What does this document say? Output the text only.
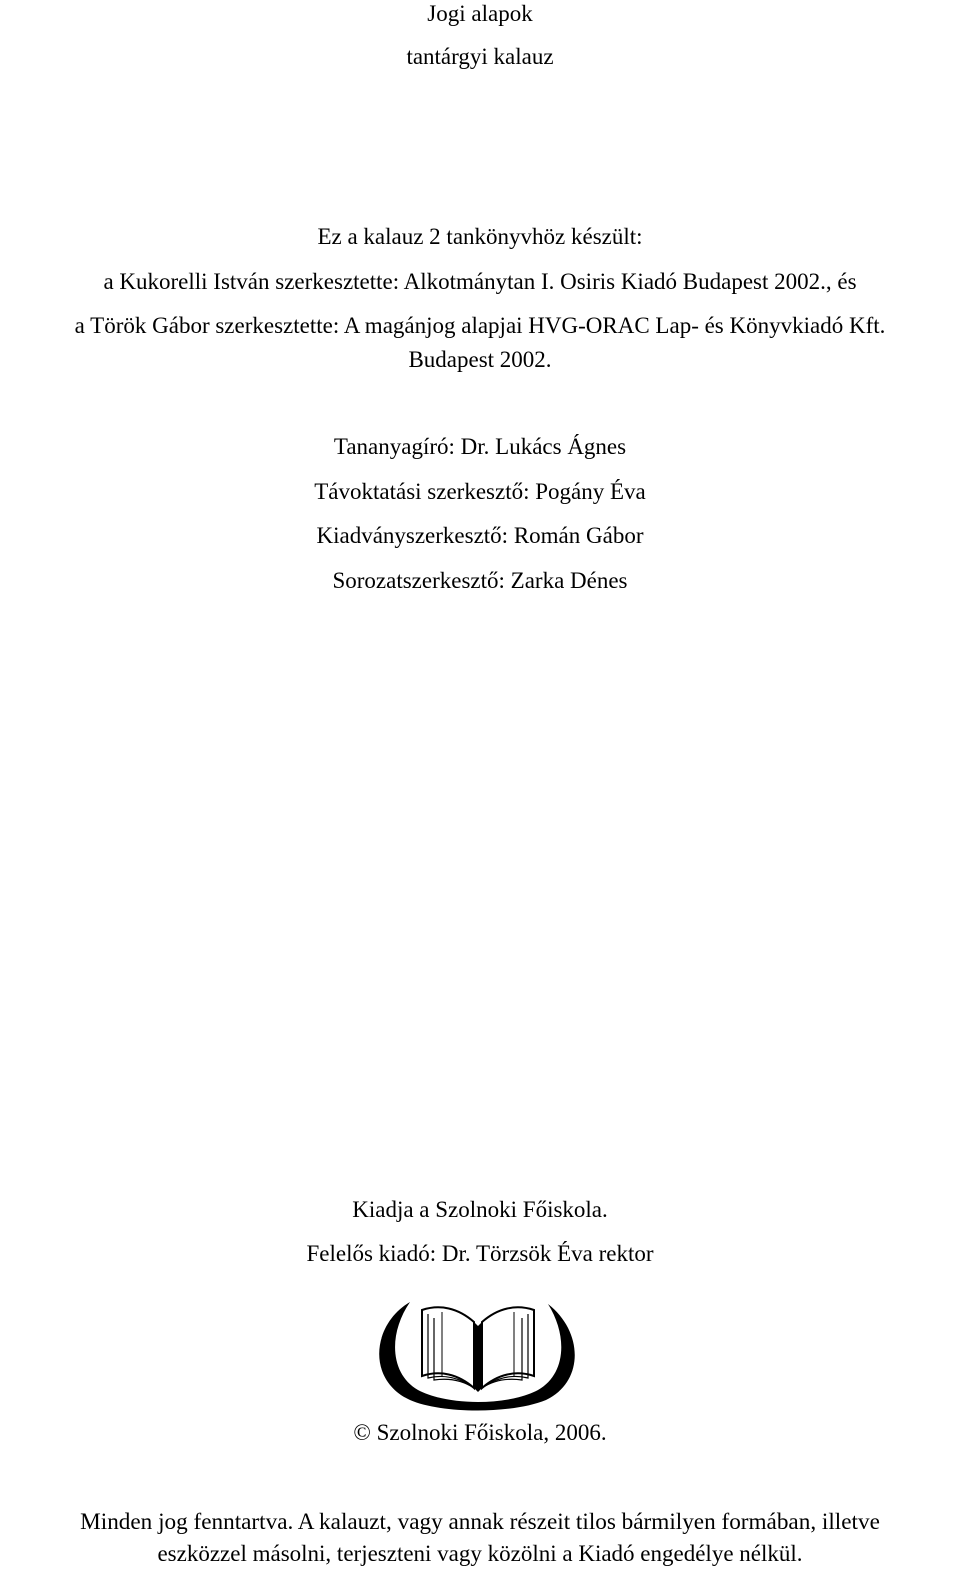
Jogi alapok
tantárgyi kalauz
Ez a kalauz 2 tankönyvhöz készült:
a Kukorelli István szerkesztette: Alkotmánytan I. Osiris Kiadó Budapest 2002., és
a Török Gábor szerkesztette: A magánjog alapjai HVG-ORAC Lap- és Könyvkiadó Kft.
Budapest 2002.
Tananyagíró: Dr. Lukács Ágnes
Távoktatási szerkesztő: Pogány Éva
Kiadványszerkesztő: Román Gábor
Sorozatszerkesztő: Zarka Dénes
Kiadja a Szolnoki Főiskola.
Felelős kiadó: Dr. Törzsök Éva rektor
© Szolnoki Főiskola, 2006.
Minden jog fenntartva. A kalauzt, vagy annak részeit tilos bármilyen formában, illetve
eszközzel másolni, terjeszteni vagy közölni a Kiadó engedélye nélkül.
